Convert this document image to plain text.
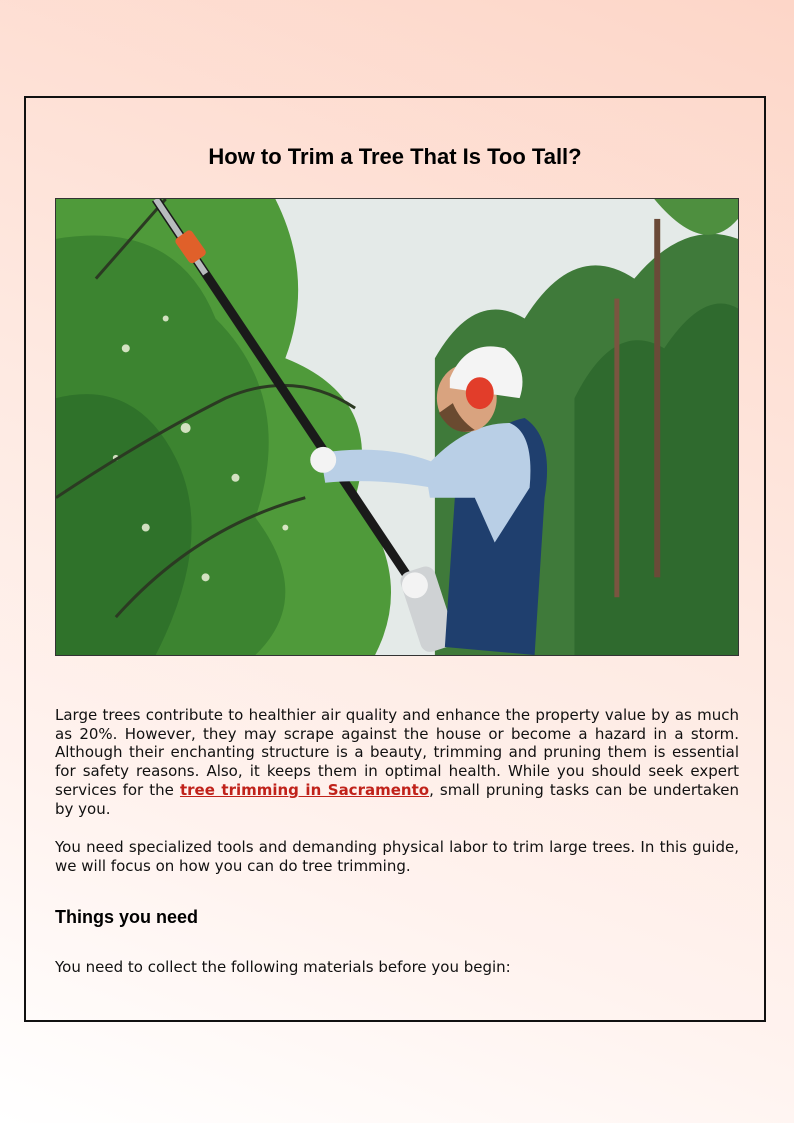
How to Trim a Tree That Is Too Tall?

Large trees contribute to healthier air quality and enhance the property value by as much as 20%. However, they may scrape against the house or become a hazard in a storm. Although their enchanting structure is a beauty, trimming and pruning them is essential for safety reasons. Also, it keeps them in optimal health. While you should seek expert services for the tree trimming in Sacramento, small pruning tasks can be undertaken by you.

You need specialized tools and demanding physical labor to trim large trees. In this guide, we will focus on how you can do tree trimming.

Things you need

You need to collect the following materials before you begin:
